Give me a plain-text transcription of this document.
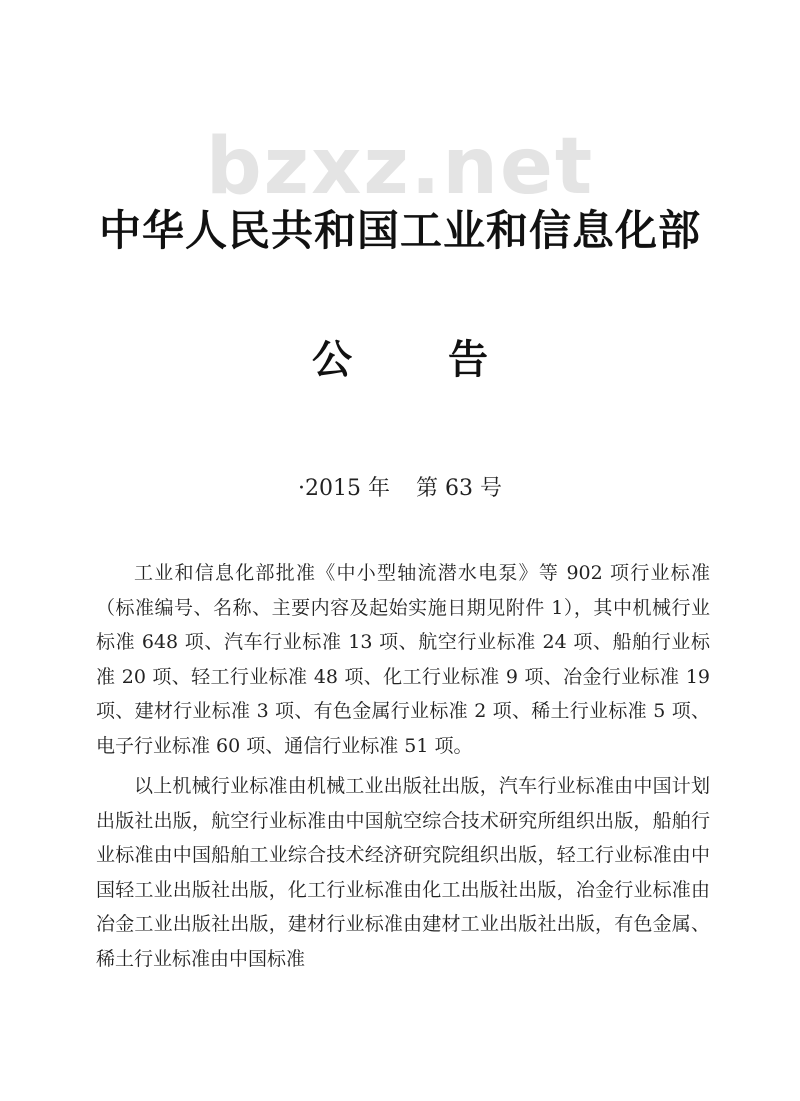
bzxz.net
中华人民共和国工业和信息化部
公 告
·2015 年 第 63 号

工业和信息化部批准《中小型轴流潜水电泵》等 902 项行业标准（标准编号、名称、主要内容及起始实施日期见附件 1），其中机械行业标准 648 项、汽车行业标准 13 项、航空行业标准 24 项、船舶行业标准 20 项、轻工行业标准 48 项、化工行业标准 9 项、冶金行业标准 19 项、建材行业标准 3 项、有色金属行业标准 2 项、稀土行业标准 5 项、电子行业标准 60 项、通信行业标准 51 项。

以上机械行业标准由机械工业出版社出版，汽车行业标准由中国计划出版社出版，航空行业标准由中国航空综合技术研究所组织出版，船舶行业标准由中国船舶工业综合技术经济研究院组织出版，轻工行业标准由中国轻工业出版社出版，化工行业标准由化工出版社出版，冶金行业标准由冶金工业出版社出版，建材行业标准由建材工业出版社出版，有色金属、稀土行业标准由中国标准
